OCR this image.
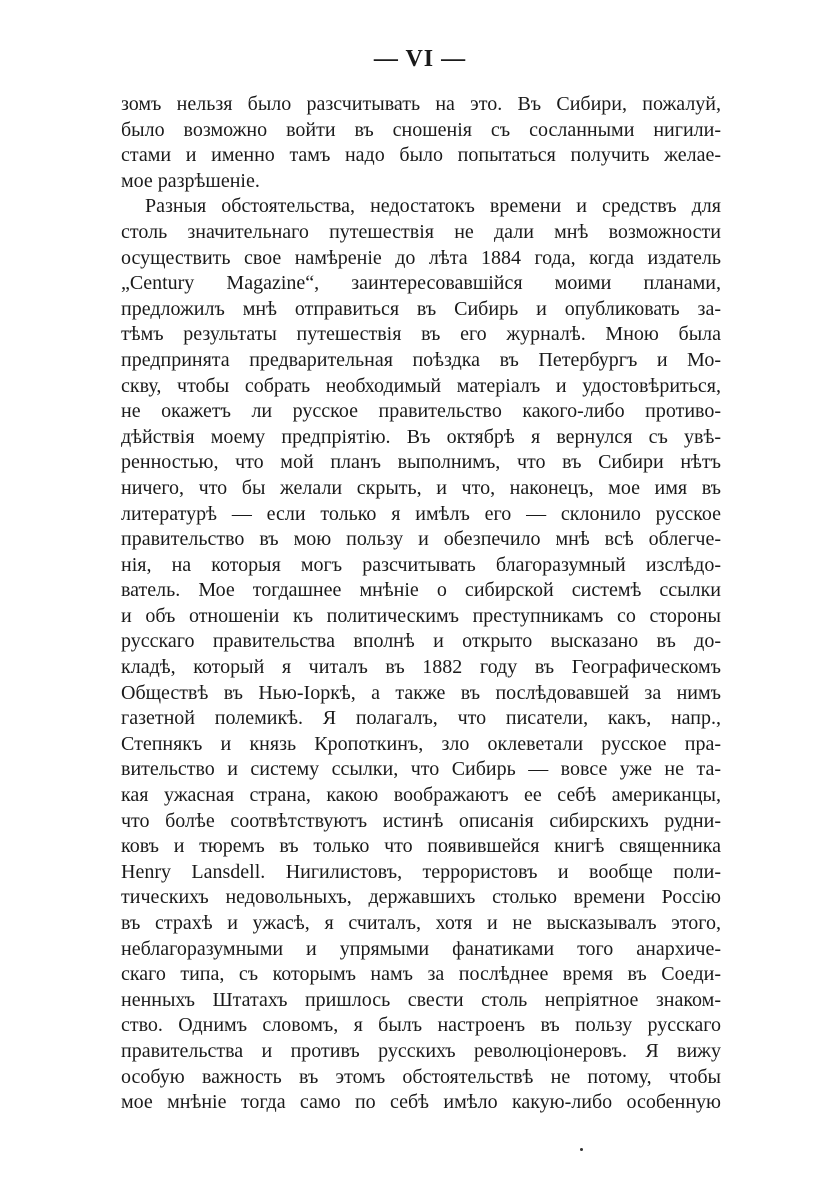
— VI —
зомъ нельзя было разсчитывать на это. Въ Сибири, пожалуй,
было возможно войти въ сношенія съ сосланными нигили-
стами и именно тамъ надо было попытаться получить желае-
мое разрѣшеніе.
Разныя обстоятельства, недостатокъ времени и средствъ для
столь значительнаго путешествія не дали мнѣ возможности
осуществить свое намѣреніе до лѣта 1884 года, когда издатель
„Century Magazine“, заинтересовавшійся моими планами,
предложилъ мнѣ отправиться въ Сибирь и опубликовать за-
тѣмъ результаты путешествія въ его журналѣ. Мною была
предпринята предварительная поѣздка въ Петербургъ и Мо-
скву, чтобы собрать необходимый матеріалъ и удостовѣриться,
не окажетъ ли русское правительство какого-либо противо-
дѣйствія моему предпріятію. Въ октябрѣ я вернулся съ увѣ-
ренностью, что мой планъ выполнимъ, что въ Сибири нѣтъ
ничего, что бы желали скрыть, и что, наконецъ, мое имя въ
литературѣ — если только я имѣлъ его — склонило русское
правительство въ мою пользу и обезпечило мнѣ всѣ облегче-
нія, на которыя могъ разсчитывать благоразумный изслѣдо-
ватель. Мое тогдашнее мнѣніе о сибирской системѣ ссылки
и объ отношеніи къ политическимъ преступникамъ со стороны
русскаго правительства вполнѣ и открыто высказано въ до-
кладѣ, который я читалъ въ 1882 году въ Географическомъ
Обществѣ въ Нью-Іоркѣ, а также въ послѣдовавшей за нимъ
газетной полемикѣ. Я полагалъ, что писатели, какъ, напр.,
Степнякъ и князь Кропоткинъ, зло оклеветали русское пра-
вительство и систему ссылки, что Сибирь — вовсе уже не та-
кая ужасная страна, какою воображаютъ ее себѣ американцы,
что болѣе соотвѣтствуютъ истинѣ описанія сибирскихъ рудни-
ковъ и тюремъ въ только что появившейся книгѣ священника
Henry Lansdell. Нигилистовъ, террористовъ и вообще поли-
тическихъ недовольныхъ, державшихъ столько времени Россію
въ страхѣ и ужасѣ, я считалъ, хотя и не высказывалъ этого,
неблагоразумными и упрямыми фанатиками того анархиче-
скаго типа, съ которымъ намъ за послѣднее время въ Соеди-
ненныхъ Штатахъ пришлось свести столь непріятное знаком-
ство. Однимъ словомъ, я былъ настроенъ въ пользу русскаго
правительства и противъ русскихъ революціонеровъ. Я вижу
особую важность въ этомъ обстоятельствѣ не потому, чтобы
мое мнѣніе тогда само по себѣ имѣло какую-либо особенную
